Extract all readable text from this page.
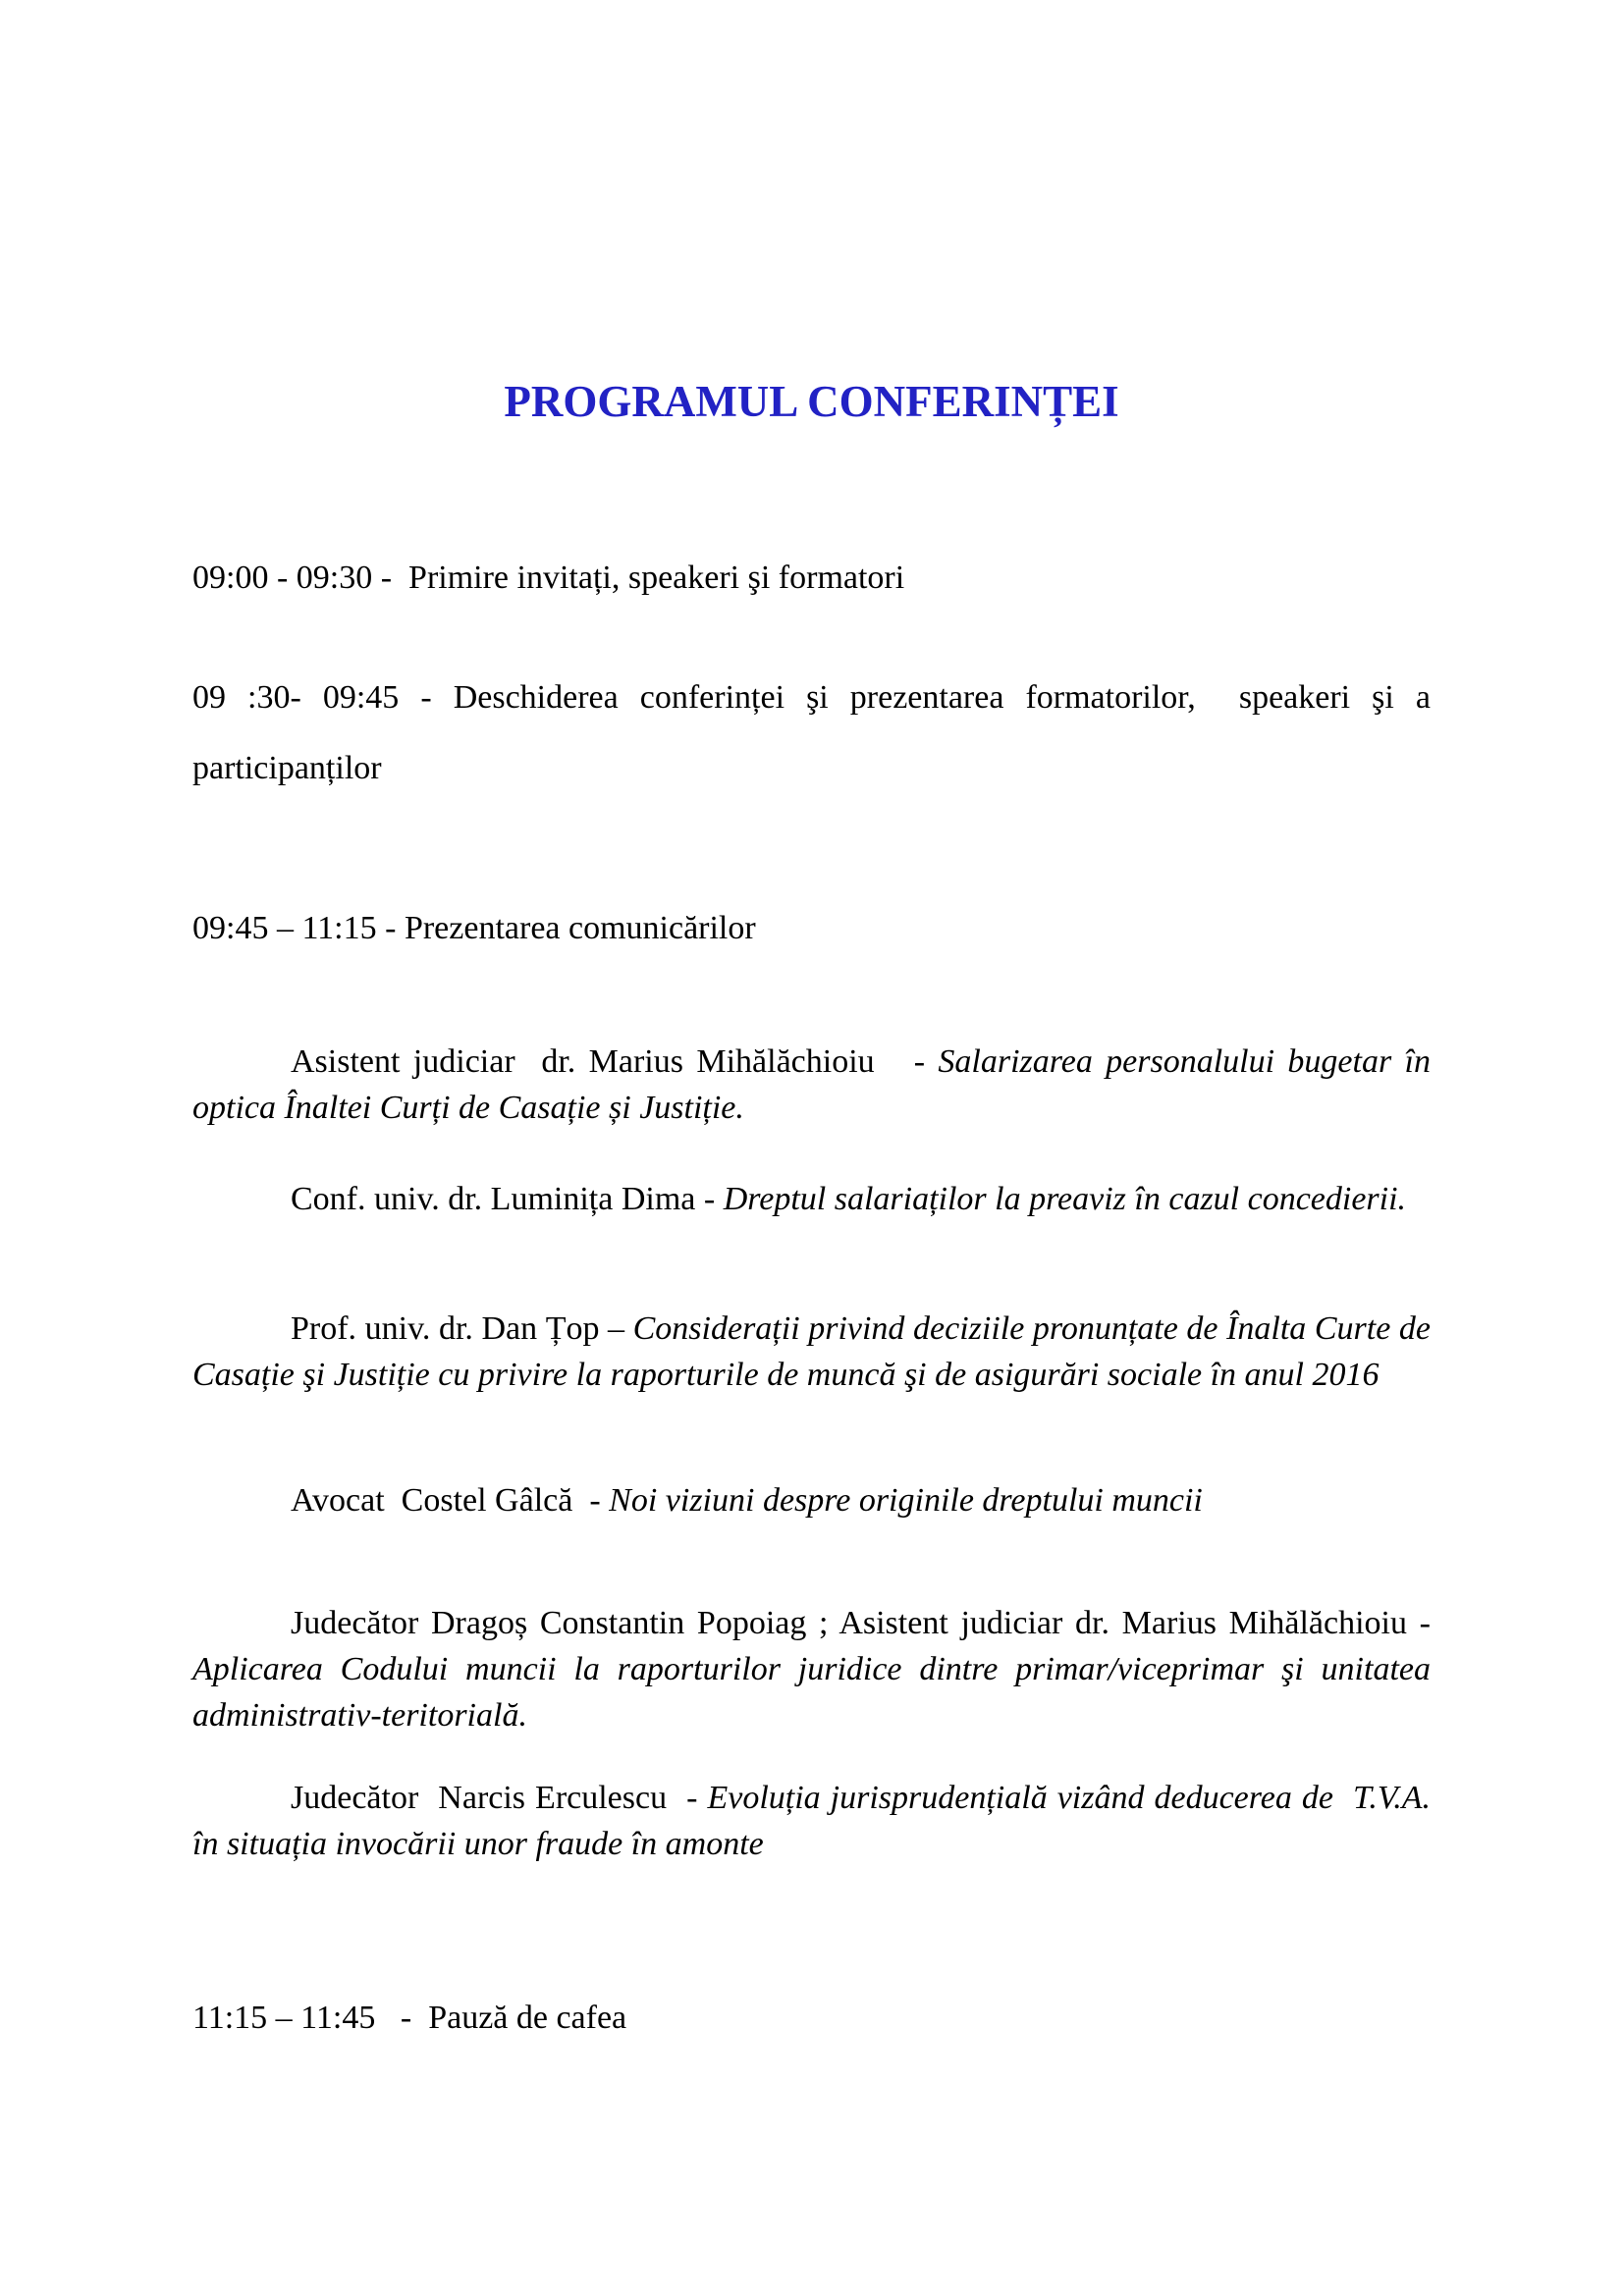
PROGRAMUL CONFERINȚEI

09:00 - 09:30 -  Primire invitați, speakeri şi formatori

09 :30- 09:45 - Deschiderea conferinței şi prezentarea formatorilor,  speakeri şi a participanților

09:45 – 11:15 - Prezentarea comunicărilor

Asistent judiciar  dr. Marius Mihălăchioiu   - Salarizarea personalului bugetar în optica Înaltei Curți de Casație și Justiție.

Conf. univ. dr. Luminița Dima - Dreptul salariaților la preaviz în cazul concedierii.

Prof. univ. dr. Dan Țop – Considerații privind deciziile pronunțate de Înalta Curte de Casație şi Justiție cu privire la raporturile de muncă şi de asigurări sociale în anul 2016

Avocat  Costel Gâlcă  - Noi viziuni despre originile dreptului muncii

Judecător Dragoș Constantin Popoiag ; Asistent judiciar dr. Marius Mihălăchioiu - Aplicarea Codului muncii la raporturilor juridice dintre primar/viceprimar şi unitatea administrativ-teritorială.

Judecător  Narcis Erculescu  - Evoluția jurisprudențială vizând deducerea de  T.V.A. în situația invocării unor fraude în amonte

11:15 – 11:45   -  Pauză de cafea
